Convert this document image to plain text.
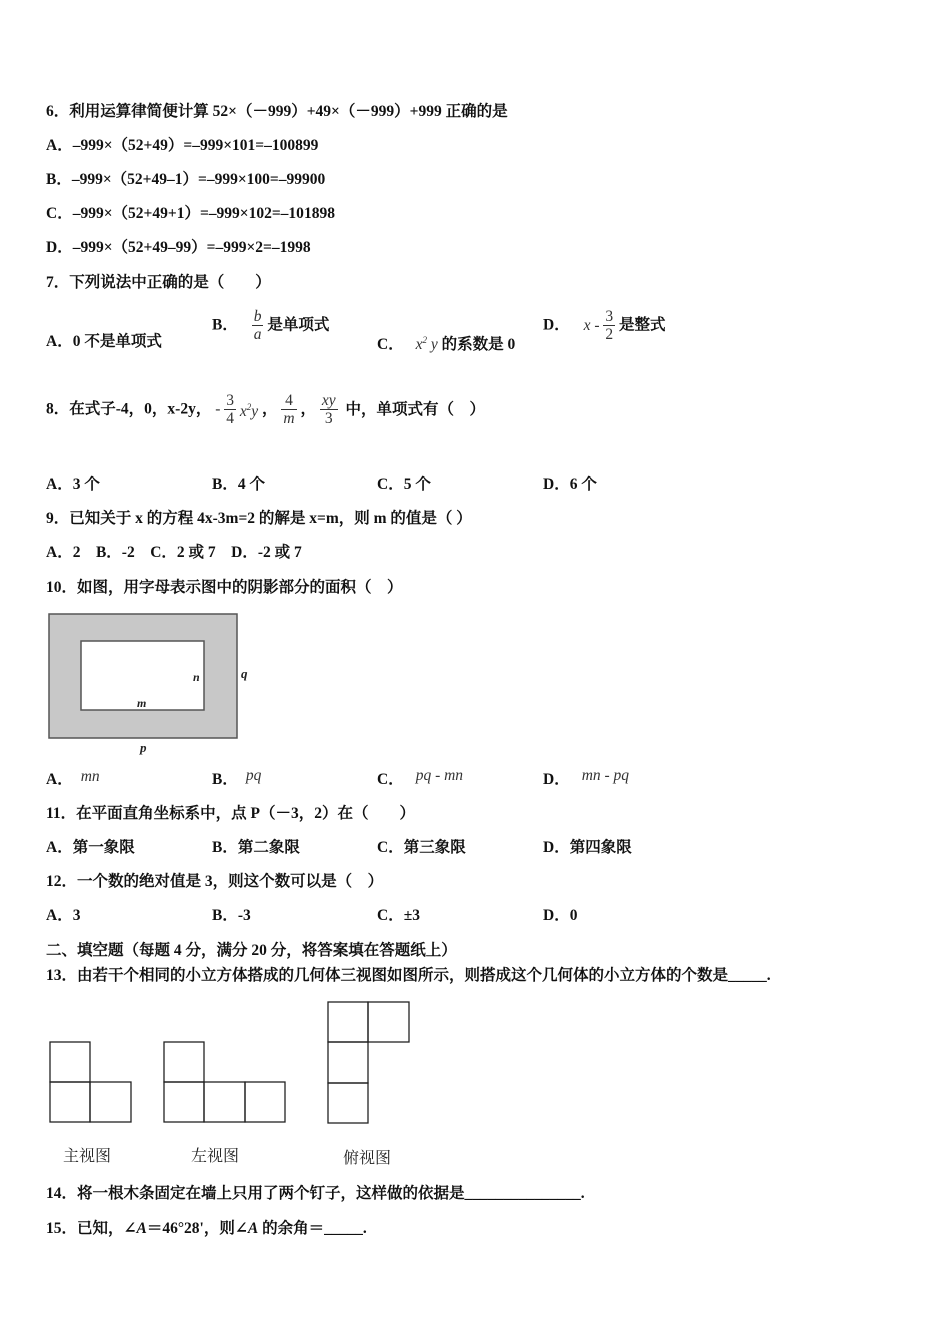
6．利用运算律简便计算 52×（－999）+49×（－999）+999 正确的是
A．–999×（52+49）=–999×101=–100899
B．–999×（52+49–1）=–999×100=–99900
C．–999×（52+49+1）=–999×102=–101898
D．–999×（52+49–99）=–999×2=–1998
7．下列说法中正确的是（　　）
A．0 不是单项式
B． $\frac{b}{a}$ 是单项式
C． $x^2$ y 的系数是 0
D． x - $\frac{3}{2}$ 是整式
8．在式子-4，0，x-2y， - $\frac{3}{4} x^2y$ ， $\frac{4}{m}$ ， $\frac{xy}{3}$ 中，单项式有（　）
A．3 个	B．4 个	C．5 个	D．6 个
9．已知关于 x 的方程 4x-3m=2 的解是 x=m，则 m 的值是（ ）
A．2　B．-2　C．2 或 7　D．-2 或 7
10．如图，用字母表示图中的阴影部分的面积（　）
n
m
q
p
A． mn	B． pq	C． pq - mn	D． mn - pq
11．在平面直角坐标系中，点 P（－3，2）在（　　）
A．第一象限	B．第二象限	C．第三象限	D．第四象限
12．一个数的绝对值是 3，则这个数可以是（　）
A．3	B．-3	C．±3	D．0
二、填空题（每题 4 分，满分 20 分，将答案填在答题纸上）
13．由若干个相同的小立方体搭成的几何体三视图如图所示，则搭成这个几何体的小立方体的个数是_____.
主视图	左视图	俯视图
14．将一根木条固定在墙上只用了两个钉子，这样做的依据是_______________.
15．已知，∠A＝46°28'，则∠A 的余角＝_____.
